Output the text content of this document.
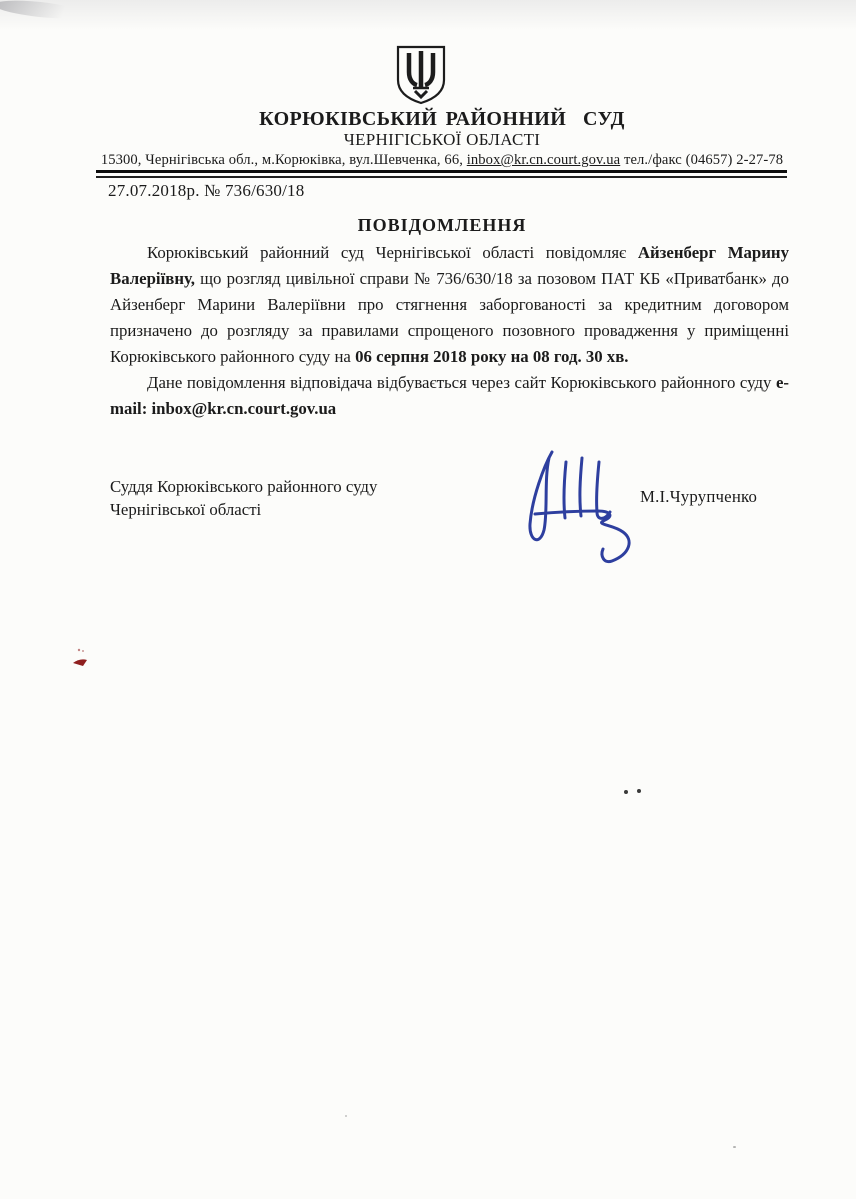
КОРЮКІВСЬКИЙ РАЙОННИЙ  СУД
ЧЕРНІГІСЬКОЇ ОБЛАСТІ
15300, Чернігівська обл., м.Корюківка, вул.Шевченка, 66, inbox@kr.cn.court.gov.ua тел./факс (04657) 2-27-78
27.07.2018р. № 736/630/18
ПОВІДОМЛЕННЯ

Корюківський районний суд Чернігівської області повідомляє Айзенберг Марину Валеріївну, що розгляд цивільної справи № 736/630/18 за позовом ПАТ КБ «Приватбанк» до Айзенберг Марини Валеріївни про стягнення заборгованості за кредитним договором призначено до розгляду за правилами спрощеного позовного провадження у приміщенні Корюківського районного суду на 06 серпня 2018 року на 08 год. 30 хв.

Дане повідомлення відповідача відбувається через сайт Корюківського районного суду e-mail: inbox@kr.cn.court.gov.ua

Суддя Корюківського районного суду
Чернігівської області
М.І.Чурупченко
